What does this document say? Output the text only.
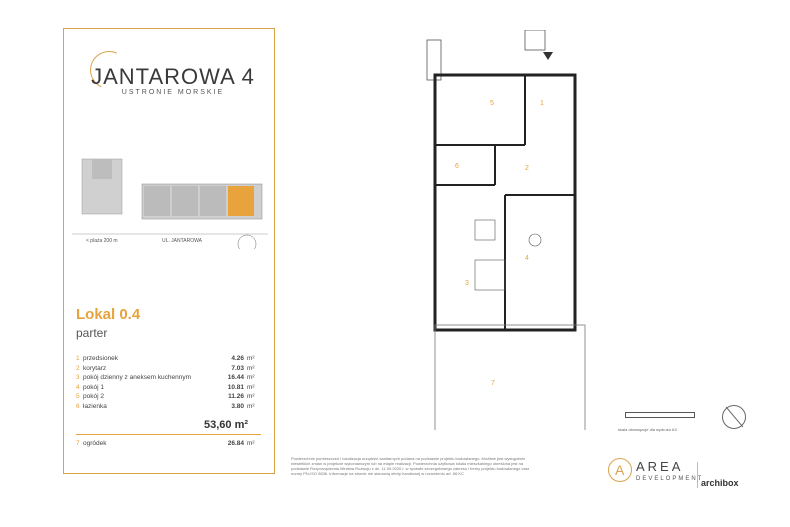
JANTAROWA 4
USTRONIE MORSKIE
< plaża 200 m	UL. JANTAROWA
Lokal 0.4
parter
1 przedsionek	4.26 m²
2 korytarz	7.03 m²
3 pokój dzienny z aneksem kuchennym	16.44 m²
4 pokój 1	10.81 m²
5 pokój 2	11.26 m²
6 łazienka	3.80 m²
53,60 m²
7 ogródek	26.84 m²
5	1
2
3
4
6
7
skala obowiązuje dla wydruku A3
Powierzchnie pomieszczeń i lokalizacja urządzeń sanitarnych podana na podstawie projektu budowlanego. Możliwe jest wystąpienie niewielkich zmian w projekcie wykonawczym lub na etapie realizacji. Powierzchnia użytkowa lokalu mieszkalnego określona jest na podstawie Rozporządzenia Ministra Rozwoju z dn. 11.09.2020 r. w sprawie szczegółowego zakresu i formy projektu budowlanego oraz normy PN-ISO 9836. Informacje na stronie nie stanowią oferty handlowej w rozumieniu art. 66 KC
A	AREA
DEVELOPMENT
archibox
